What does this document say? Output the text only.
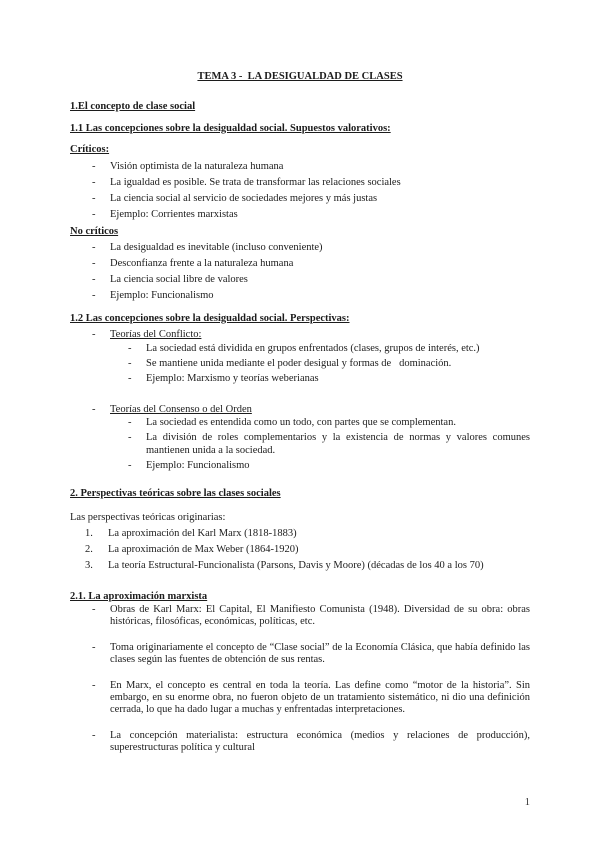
TEMA 3 -  LA DESIGUALDAD DE CLASES
1.El concepto de clase social
1.1 Las concepciones sobre la desigualdad social. Supuestos valorativos:
Críticos:
-	Visión optimista de la naturaleza humana
-	La igualdad es posible. Se trata de transformar las relaciones sociales
-	La ciencia social al servicio de sociedades mejores y más justas
-	Ejemplo: Corrientes marxistas
No críticos
-	La desigualdad es inevitable (incluso conveniente)
-	Desconfianza frente a la naturaleza humana
-	La ciencia social libre de valores
-	Ejemplo: Funcionalismo
1.2 Las concepciones sobre la desigualdad social. Perspectivas:
-	Teorías del Conflicto:
-	La sociedad está dividida en grupos enfrentados (clases, grupos de interés, etc.)
-	Se mantiene unida mediante el poder desigual y formas de   dominación.
-	Ejemplo: Marxismo y teorías weberianas
-	Teorías del Consenso o del Orden
-	La sociedad es entendida como un todo, con partes que se complementan.
-	La división de roles complementarios y la existencia de normas y valores comunes mantienen unida a la sociedad.
-	Ejemplo: Funcionalismo
2. Perspectivas teóricas sobre las clases sociales
Las perspectivas teóricas originarias:
1.	La aproximación del Karl Marx (1818-1883)
2.	La aproximación de Max Weber (1864-1920)
3.	La teoría Estructural-Funcionalista (Parsons, Davis y Moore) (décadas de los 40 a los 70)
2.1. La aproximación marxista
-	Obras de Karl Marx: El Capital, El Manifiesto Comunista (1948). Diversidad de su obra: obras históricas, filosóficas, económicas, políticas, etc.
-	Toma originariamente el concepto de “Clase social” de la Economía Clásica, que había definido las clases según las fuentes de obtención de sus rentas.
-	En Marx, el concepto es central en toda la teoría. Las define como “motor de la historia”. Sin embargo, en su enorme obra, no fueron objeto de un tratamiento sistemático, ni dio una definición cerrada, lo que ha dado lugar a muchas y enfrentadas interpretaciones.
-	La concepción materialista: estructura económica (medios y relaciones de producción), superestructuras política y cultural
1
